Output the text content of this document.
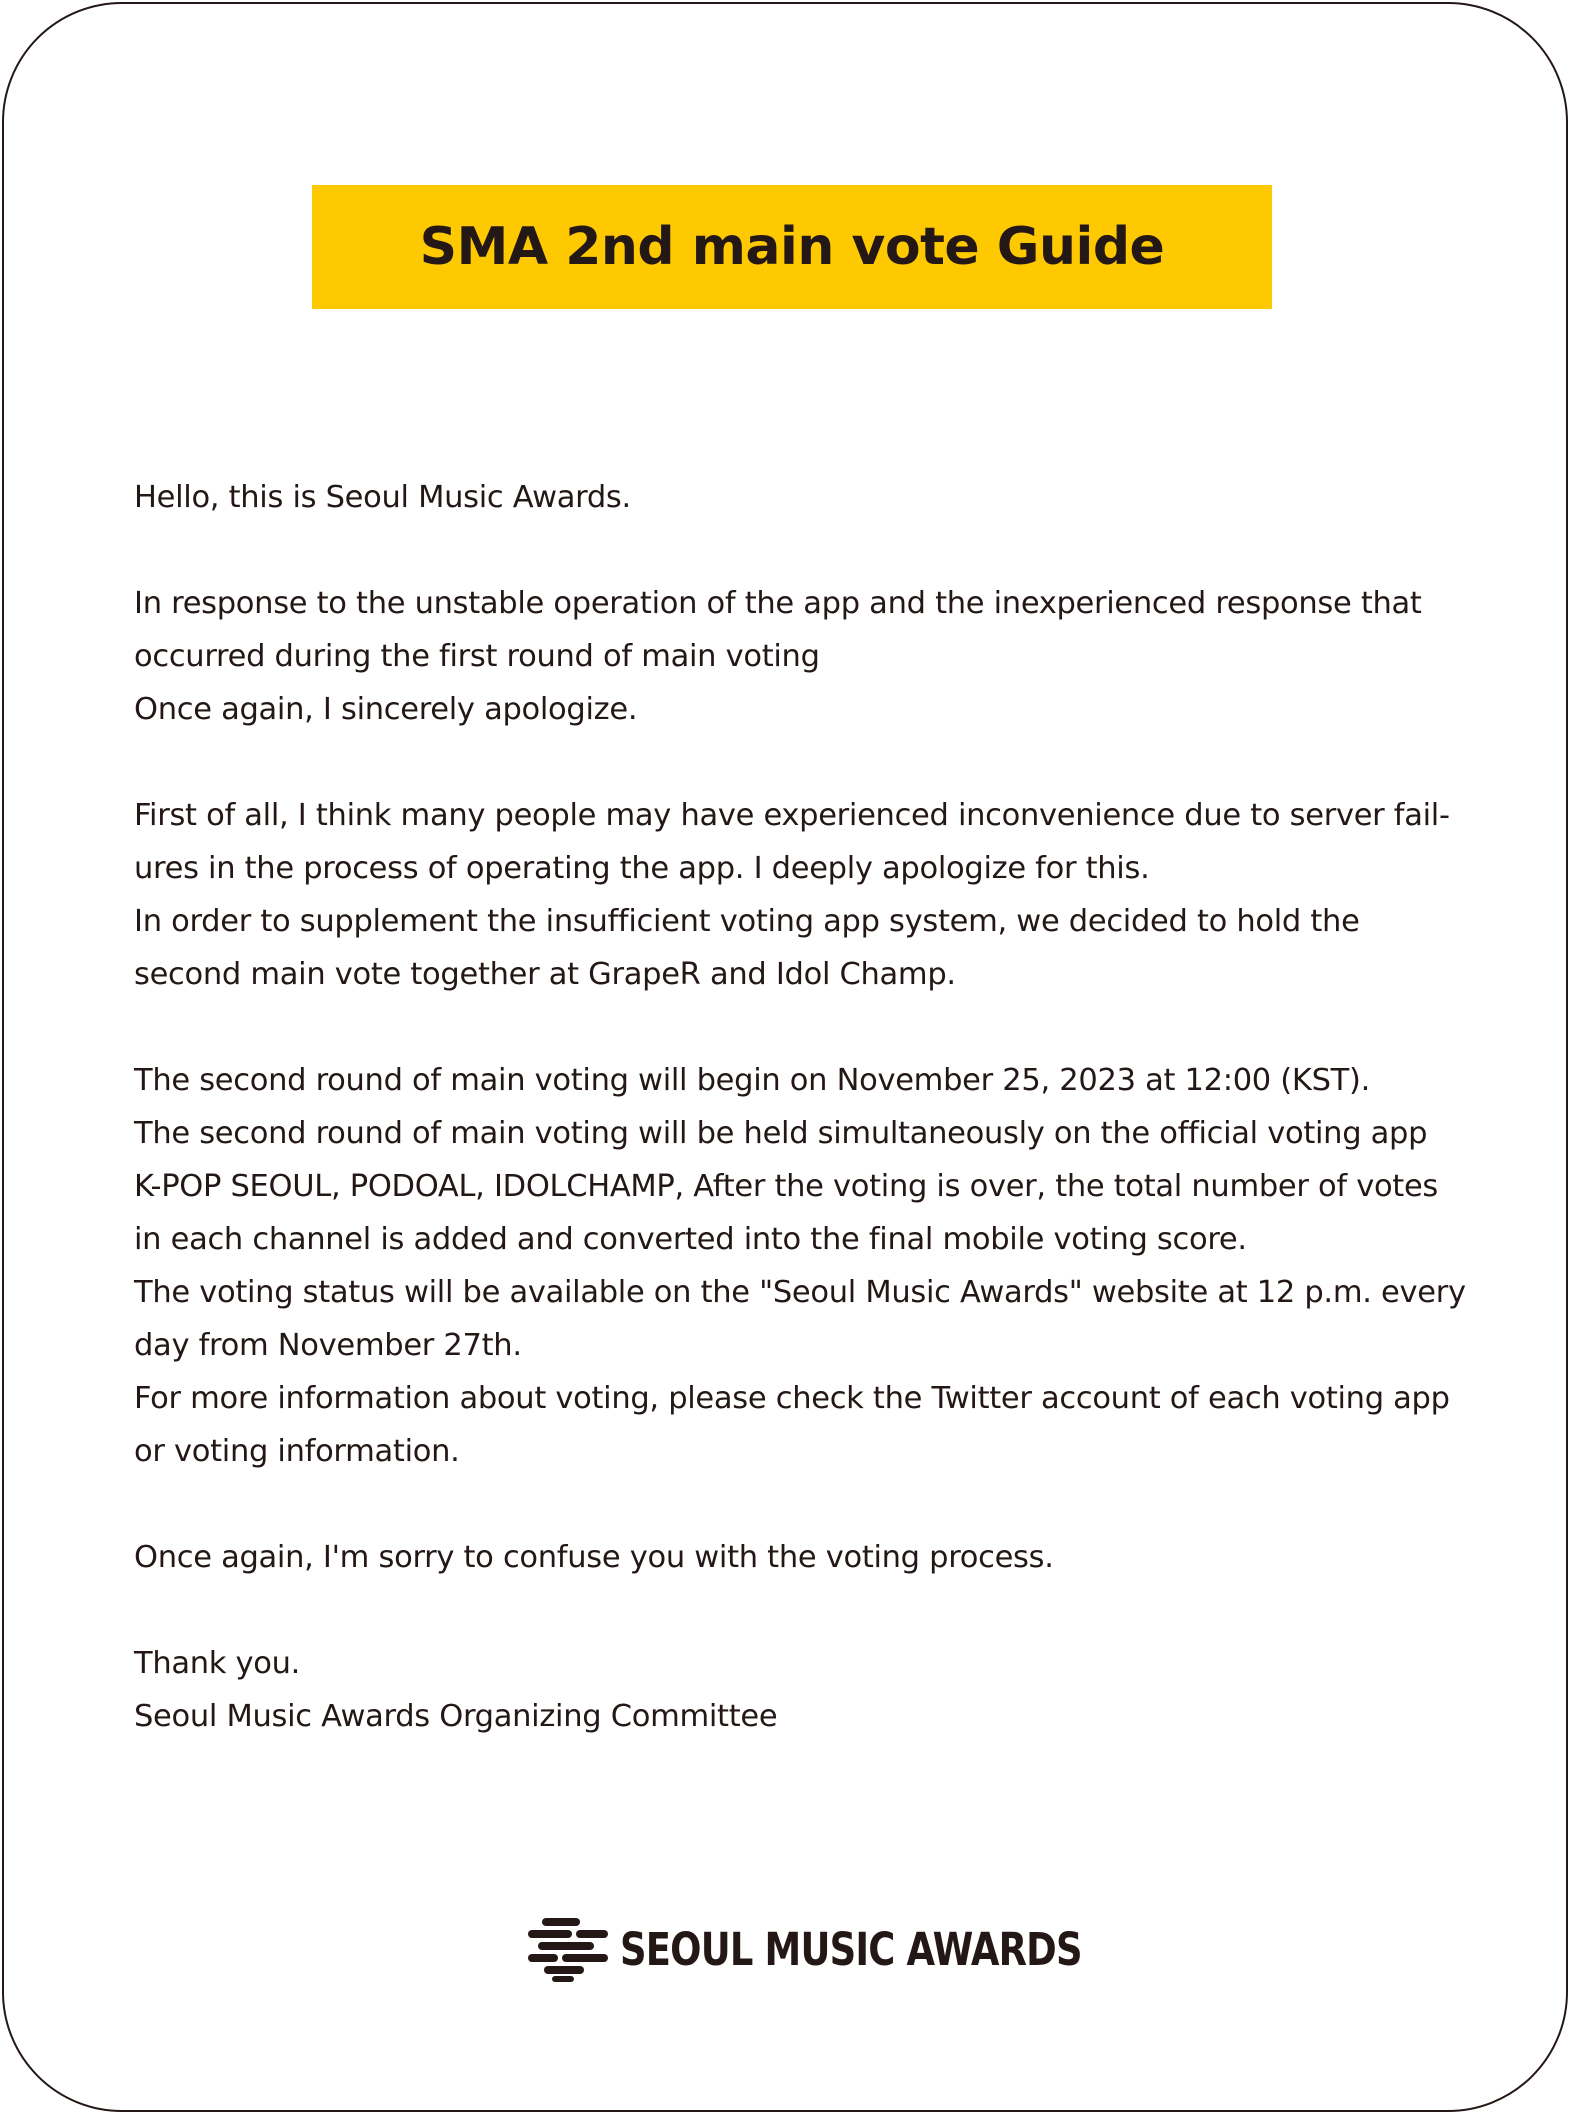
SMA 2nd main vote Guide

Hello, this is Seoul Music Awards.

In response to the unstable operation of the app and the inexperienced response that
occurred during the first round of main voting
Once again, I sincerely apologize.

First of all, I think many people may have experienced inconvenience due to server fail-
ures in the process of operating the app. I deeply apologize for this.
In order to supplement the insufficient voting app system, we decided to hold the
second main vote together at GrapeR and Idol Champ.

The second round of main voting will begin on November 25, 2023 at 12:00 (KST).
The second round of main voting will be held simultaneously on the official voting app
K-POP SEOUL, PODOAL, IDOLCHAMP, After the voting is over, the total number of votes
in each channel is added and converted into the final mobile voting score.
The voting status will be available on the "Seoul Music Awards" website at 12 p.m. every
day from November 27th.
For more information about voting, please check the Twitter account of each voting app
or voting information.

Once again, I'm sorry to confuse you with the voting process.

Thank you.
Seoul Music Awards Organizing Committee

SEOUL MUSIC AWARDS
